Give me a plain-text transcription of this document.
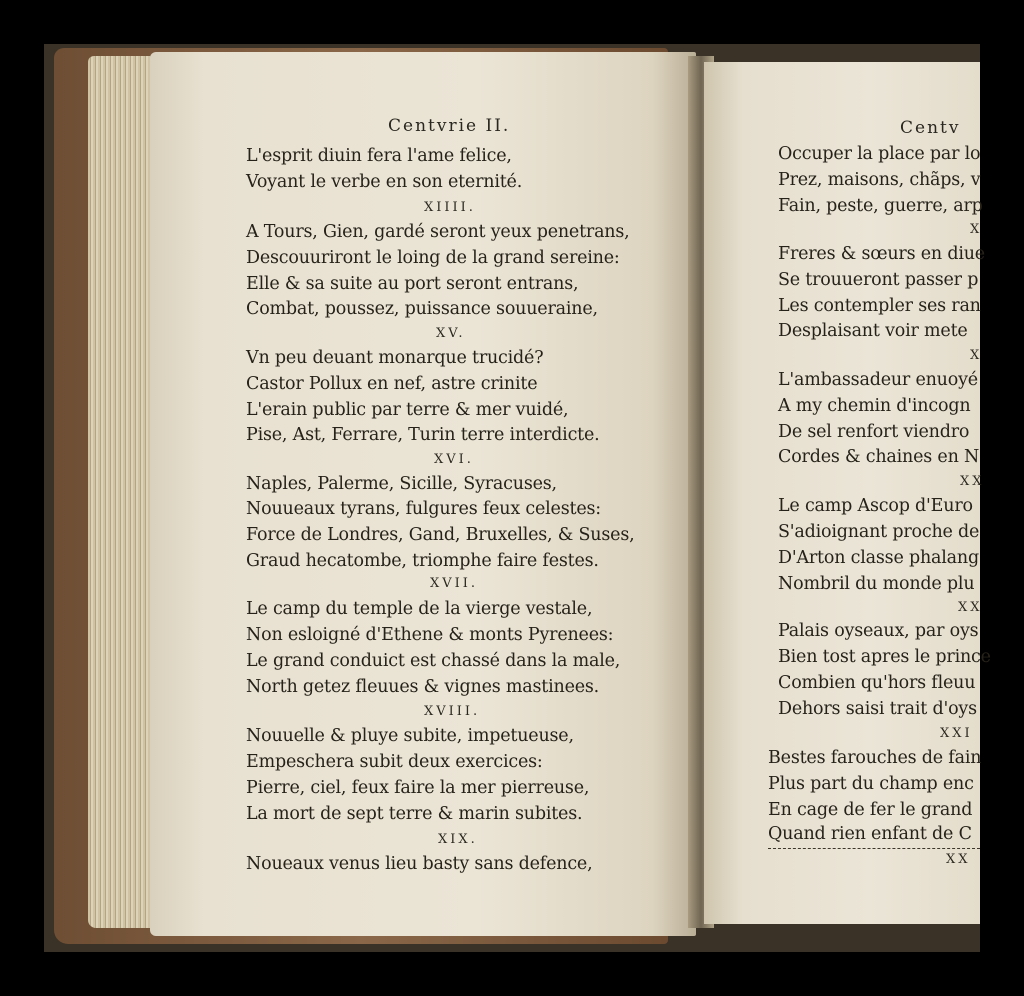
Centvrie II.
L'esprit diuin fera l'ame felice,
Voyant le verbe en son eternité.
XIIII.
A Tours, Gien, gardé seront yeux penetrans,
Descouuriront le loing de la grand sereine:
Elle & sa suite au port seront entrans,
Combat, poussez, puissance souueraine,
XV.
Vn peu deuant monarque trucidé?
Castor Pollux en nef, astre crinite
L'erain public par terre & mer vuidé,
Pise, Ast, Ferrare, Turin terre interdicte.
XVI.
Naples, Palerme, Sicille, Syracuses,
Nouueaux tyrans, fulgures feux celestes:
Force de Londres, Gand, Bruxelles, & Suses,
Graud hecatombe, triomphe faire festes.
XVII.
Le camp du temple de la vierge vestale,
Non esloigné d'Ethene & monts Pyrenees:
Le grand conduict est chassé dans la male,
North getez fleuues & vignes mastinees.
XVIII.
Nouuelle & pluye subite, impetueuse,
Empeschera subit deux exercices:
Pierre, ciel, feux faire la mer pierreuse,
La mort de sept terre & marin subites.
XIX.
Noueaux venus lieu basty sans defence,
Centv
Occuper la place par lo
Prez, maisons, chãps, v
Fain, peste, guerre, arp
X
Freres & sœurs en diue
Se trouueront passer p
Les contempler ses ran
Desplaisant voir mete
X
L'ambassadeur enuoyé
A my chemin d'incogn
De sel renfort viendro
Cordes & chaines en N
XX
Le camp Ascop d'Euro
S'adioignant proche de
D'Arton classe phalang
Nombril du monde plu
XX
Palais oyseaux, par oys
Bien tost apres le prince
Combien qu'hors fleuu
Dehors saisi trait d'oys
XXI
Bestes farouches de fain
Plus part du champ enc
En cage de fer le grand
Quand rien enfant de C
XX
